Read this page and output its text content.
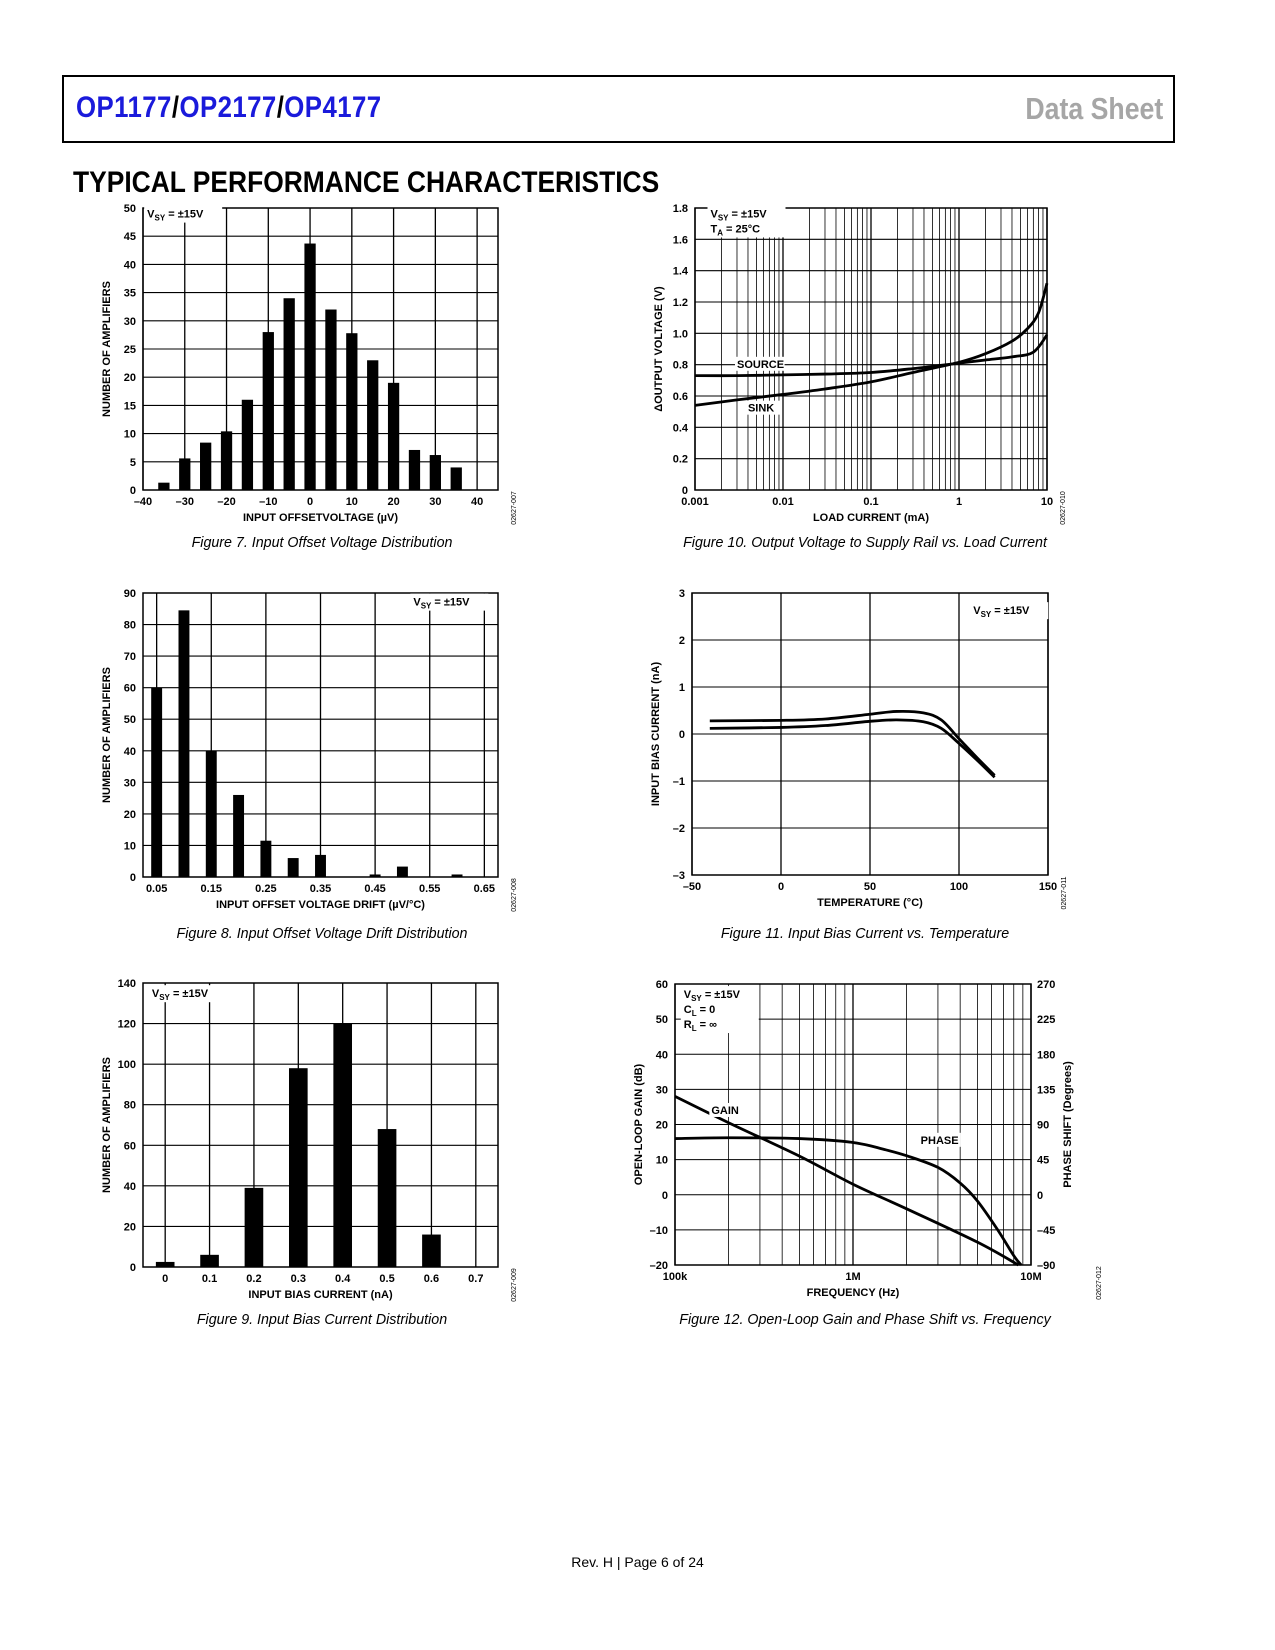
OP1177/OP2177/OP4177	Data Sheet
TYPICAL PERFORMANCE CHARACTERISTICS
$V_{SY} = \pm 15V$
–40 –30 –20 –10	0	10	20	30	40
0
5
10
15
20
25
30
35
40
45
50
INPUT OFFSETVOLTAGE (µV)
NUMBER OF AMPLIFIERS
02627-007
Figure 7. Input Offset Voltage Distribution
$V_{SY} = \pm 15V$
0.05	0.15	0.25	0.35	0.45	0.55	0.65
0
10
20
30
40
50
60
70
80
90
INPUT OFFSET VOLTAGE DRIFT (µV/°C)
NUMBER OF AMPLIFIERS
02627-008
Figure 8. Input Offset Voltage Drift Distribution
$V_{SY} = \pm 15V$
0	0.1	0.2	0.3	0.4	0.5	0.6	0.7
0
20
40
60
80
100
120
140
INPUT BIAS CURRENT (nA)
NUMBER OF AMPLIFIERS
02627-009
Figure 9. Input Bias Current Distribution
SOURCE
SINK
$V_{SY} = \pm 15V$
$T_A = 25^\circ C$
0.001	0.01	0.1	1	10
0
0.2
0.4
0.6
0.8
1.0
1.2
1.4
1.6
1.8
LOAD CURRENT (mA)
ΔOUTPUT VOLTAGE (V)
02627-010
Figure 10. Output Voltage to Supply Rail vs. Load Current
$V_{SY} = \pm 15V$
–50	0	50	100	150
–3
–2
–1
0
1
2
3
TEMPERATURE (°C)
INPUT BIAS CURRENT (nA)
02627-011
Figure 11. Input Bias Current vs. Temperature
GAIN
PHASE
$V_{SY} = \pm 15V$
$C_L = 0$
$R_L$ = ∞
100k	1M	10M
–20
–10
0
10
20
30
40
50
60
–90
–45
0
45
90
135
180
225
270
PHASE SHIFT (Degrees)
FREQUENCY (Hz)
OPEN-LOOP GAIN (dB)
02627-012
Figure 12. Open-Loop Gain and Phase Shift vs. Frequency
Rev. H | Page 6 of 24
